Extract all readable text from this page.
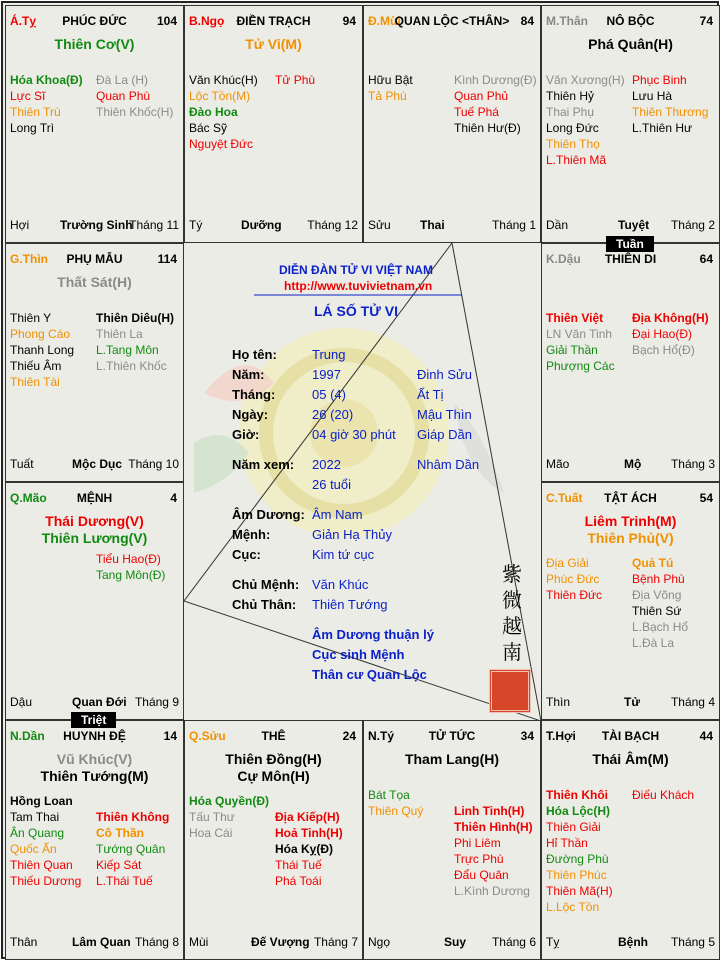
Á.Tỵ	PHÚC ĐỨC	104
Thiên Cơ(V)
Hóa Khoa(Đ)
Lực Sĩ
Thiên Trù
Long Trì
Đà La (H)
Quan Phù
Thiên Khốc(H)
Hợi	Trường Sinh
Tháng 11
B.Ngọ	ĐIỀN TRẠCH	94
Tử Vi(M)
Văn Khúc(H)
Lộc Tồn(M)
Đào Hoa
Bác Sỹ
Nguyệt Đức
Tử Phù
Tý	Dưỡng Tháng 12
Đ.Mùi
QUAN LỘC <THÂN> 84
Hữu Bật
Tả Phù
Kình Dương(Đ)
Quan Phủ
Tuế Phá
Thiên Hư(Đ)
Sửu Thai	Tháng 1
M.Thân	NÔ BỘC	74
Phá Quân(H)
Văn Xương(H)
Thiên Hỷ
Thai Phụ
Long Đức
Thiên Thọ
L.Thiên Mã
Phục Binh
Lưu Hà
Thiên Thương
L.Thiên Hư
Dần	Tuyệt Tháng 2
G.Thìn	PHỤ MẪU	114
Thất Sát(H)
Thiên Y
Phong Cáo
Thanh Long
Thiếu Âm
Thiên Tài
Thiên Diêu(H)
Thiên La
L.Tang Môn
L.Thiên Khốc
Tuất	Mộc Dục Tháng 10
K.Dậu	THIÊN DI	64
Thiên Việt
LN Văn Tinh
Giải Thần
Phượng Các
Địa Không(H)
Đại Hao(Đ)
Bạch Hổ(Đ)
Mão	Mộ Tháng 3
Q.Mão	MỆNH	4
Thái Dương(V)
Thiên Lương(V)
Tiểu Hao(Đ)
Tang Môn(Đ)
Dậu	Quan Đới Tháng 9
C.Tuất	TẬT ÁCH	54
Liêm Trinh(M)
Thiên Phủ(V)
Địa Giải
Phúc Đức
Thiên Đức
Quả Tú
Bệnh Phù
Địa Võng
Thiên Sứ
L.Bạch Hổ
L.Đà La
Thìn	Tử	Tháng 4
N.Dần	HUYNH ĐỆ	14
Vũ Khúc(V)
Thiên Tướng(M)
Hồng Loan
Tam Thai
Ân Quang
Quốc Ấn
Thiên Quan
Thiếu Dương
Thiên Không
Cô Thần
Tướng Quân
Kiếp Sát
L.Thái Tuế
Thân	Lâm Quan Tháng 8
Q.Sửu	THÊ	24
Thiên Đồng(H)
Cự Môn(H)
Hóa Quyền(Đ)
Tấu Thư
Hoa Cái
Địa Kiếp(H)
Hoả Tinh(H)
Hóa Kỵ(Đ)
Thái Tuế
Phá Toái
Mùi	Đế Vượng Tháng 7
N.Tý	TỬ TỨC	34
Tham Lang(H)
Bát Tọa
Thiên Quý	Linh Tinh(H)
Thiên Hình(H)
Phi Liêm
Trực Phù
Đẩu Quân
L.Kình Dương
Ngọ	Suy Tháng 6
T.Hợi	TÀI BẠCH	44
Thái Âm(M)
Thiên Khôi
Hóa Lộc(H)
Thiên Giải
Hỉ Thần
Đường Phù
Thiên Phúc
Thiên Mã(H)
L.Lộc Tồn
Điếu Khách
Tỵ	Bệnh Tháng 5
DIỄN ĐÀN TỬ VI VIỆT NAM
http://www.tuvivietnam.vn
LÁ SỐ TỬ VI
Họ tên:	Trung
Năm:	1997	Đinh Sửu
Tháng:	05 (4)	Ất Tị
Ngày:	26 (20)	Mậu Thìn
Giờ:	04 giờ 30 phút Giáp Dần
Năm xem: 2022	Nhâm Dần
26 tuổi
Âm Dương: Âm Nam
Mệnh:	Giản Hạ Thủy
Cục:	Kim tứ cục
Chủ Mệnh: Văn Khúc
Chủ Thân: Thiên Tướng
Âm Dương thuận lý
Cục sinh Mệnh
Thân cư Quan Lộc
紫
微
越
南
Tuần
Triệt
